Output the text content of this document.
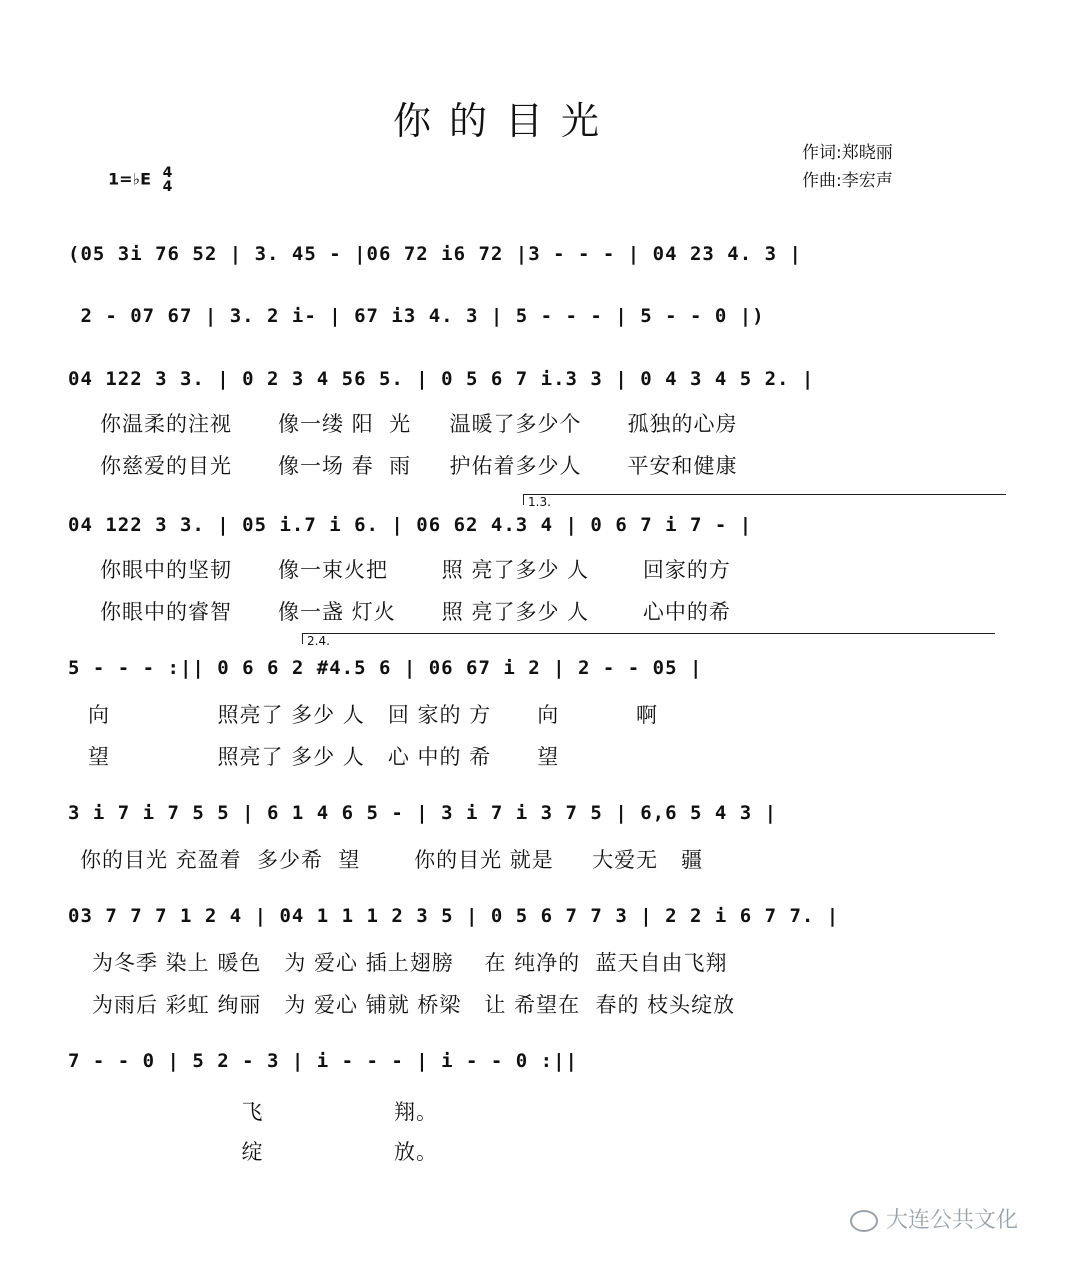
你的目光
作词:郑晓丽
作曲:李宏声
1=♭E 4
4
(05 3i 76 52 | 3. 45 - |06 72 i6 72 |3 - - - | 04 23 4. 3 |
2 - 07 67 | 3. 2 i- | 67 i3 4. 3 | 5 - - - | 5 - - 0 |)
04 122 3 3. | 0 2 3 4 56 5. | 0 5 6 7 i.3 3 | 0 4 3 4 5 2. |
你温柔的注视      像一缕 阳  光     温暖了多少个      孤独的心房
你慈爱的目光      像一场 春  雨     护佑着多少人      平安和健康
1.3.
04 122 3 3. | 05 i.7 i 6. | 06 62 4.3 4 | 0 6 7 i 7 - |
你眼中的坚韧      像一束火把       照 亮了多少 人       回家的方
你眼中的睿智      像一盏 灯火      照 亮了多少 人       心中的希
2.4.
5 - - - :|| 0 6 6 2 #4.5 6 | 06 67 i 2 | 2 - - 05 |
向              照亮了 多少 人   回 家的 方      向          啊
望              照亮了 多少 人   心 中的 希      望
3 i 7 i 7 5 5 | 6 1 4 6 5 - | 3 i 7 i 3 7 5 | 6,6 5 4 3 |
你的目光 充盈着  多少希  望       你的目光 就是     大爱无   疆
03 7 7 7 1 2 4 | 04 1 1 1 2 3 5 | 0 5 6 7 7 3 | 2 2 i 6 7 7. |
为冬季 染上 暖色   为 爱心 插上翅膀    在 纯净的  蓝天自由飞翔
为雨后 彩虹 绚丽   为 爱心 铺就 桥梁   让 希望在  春的 枝头绽放
7 - - 0 | 5 2 - 3 | i - - - | i - - 0 :||
飞                 翔。
绽                 放。
大连公共文化
